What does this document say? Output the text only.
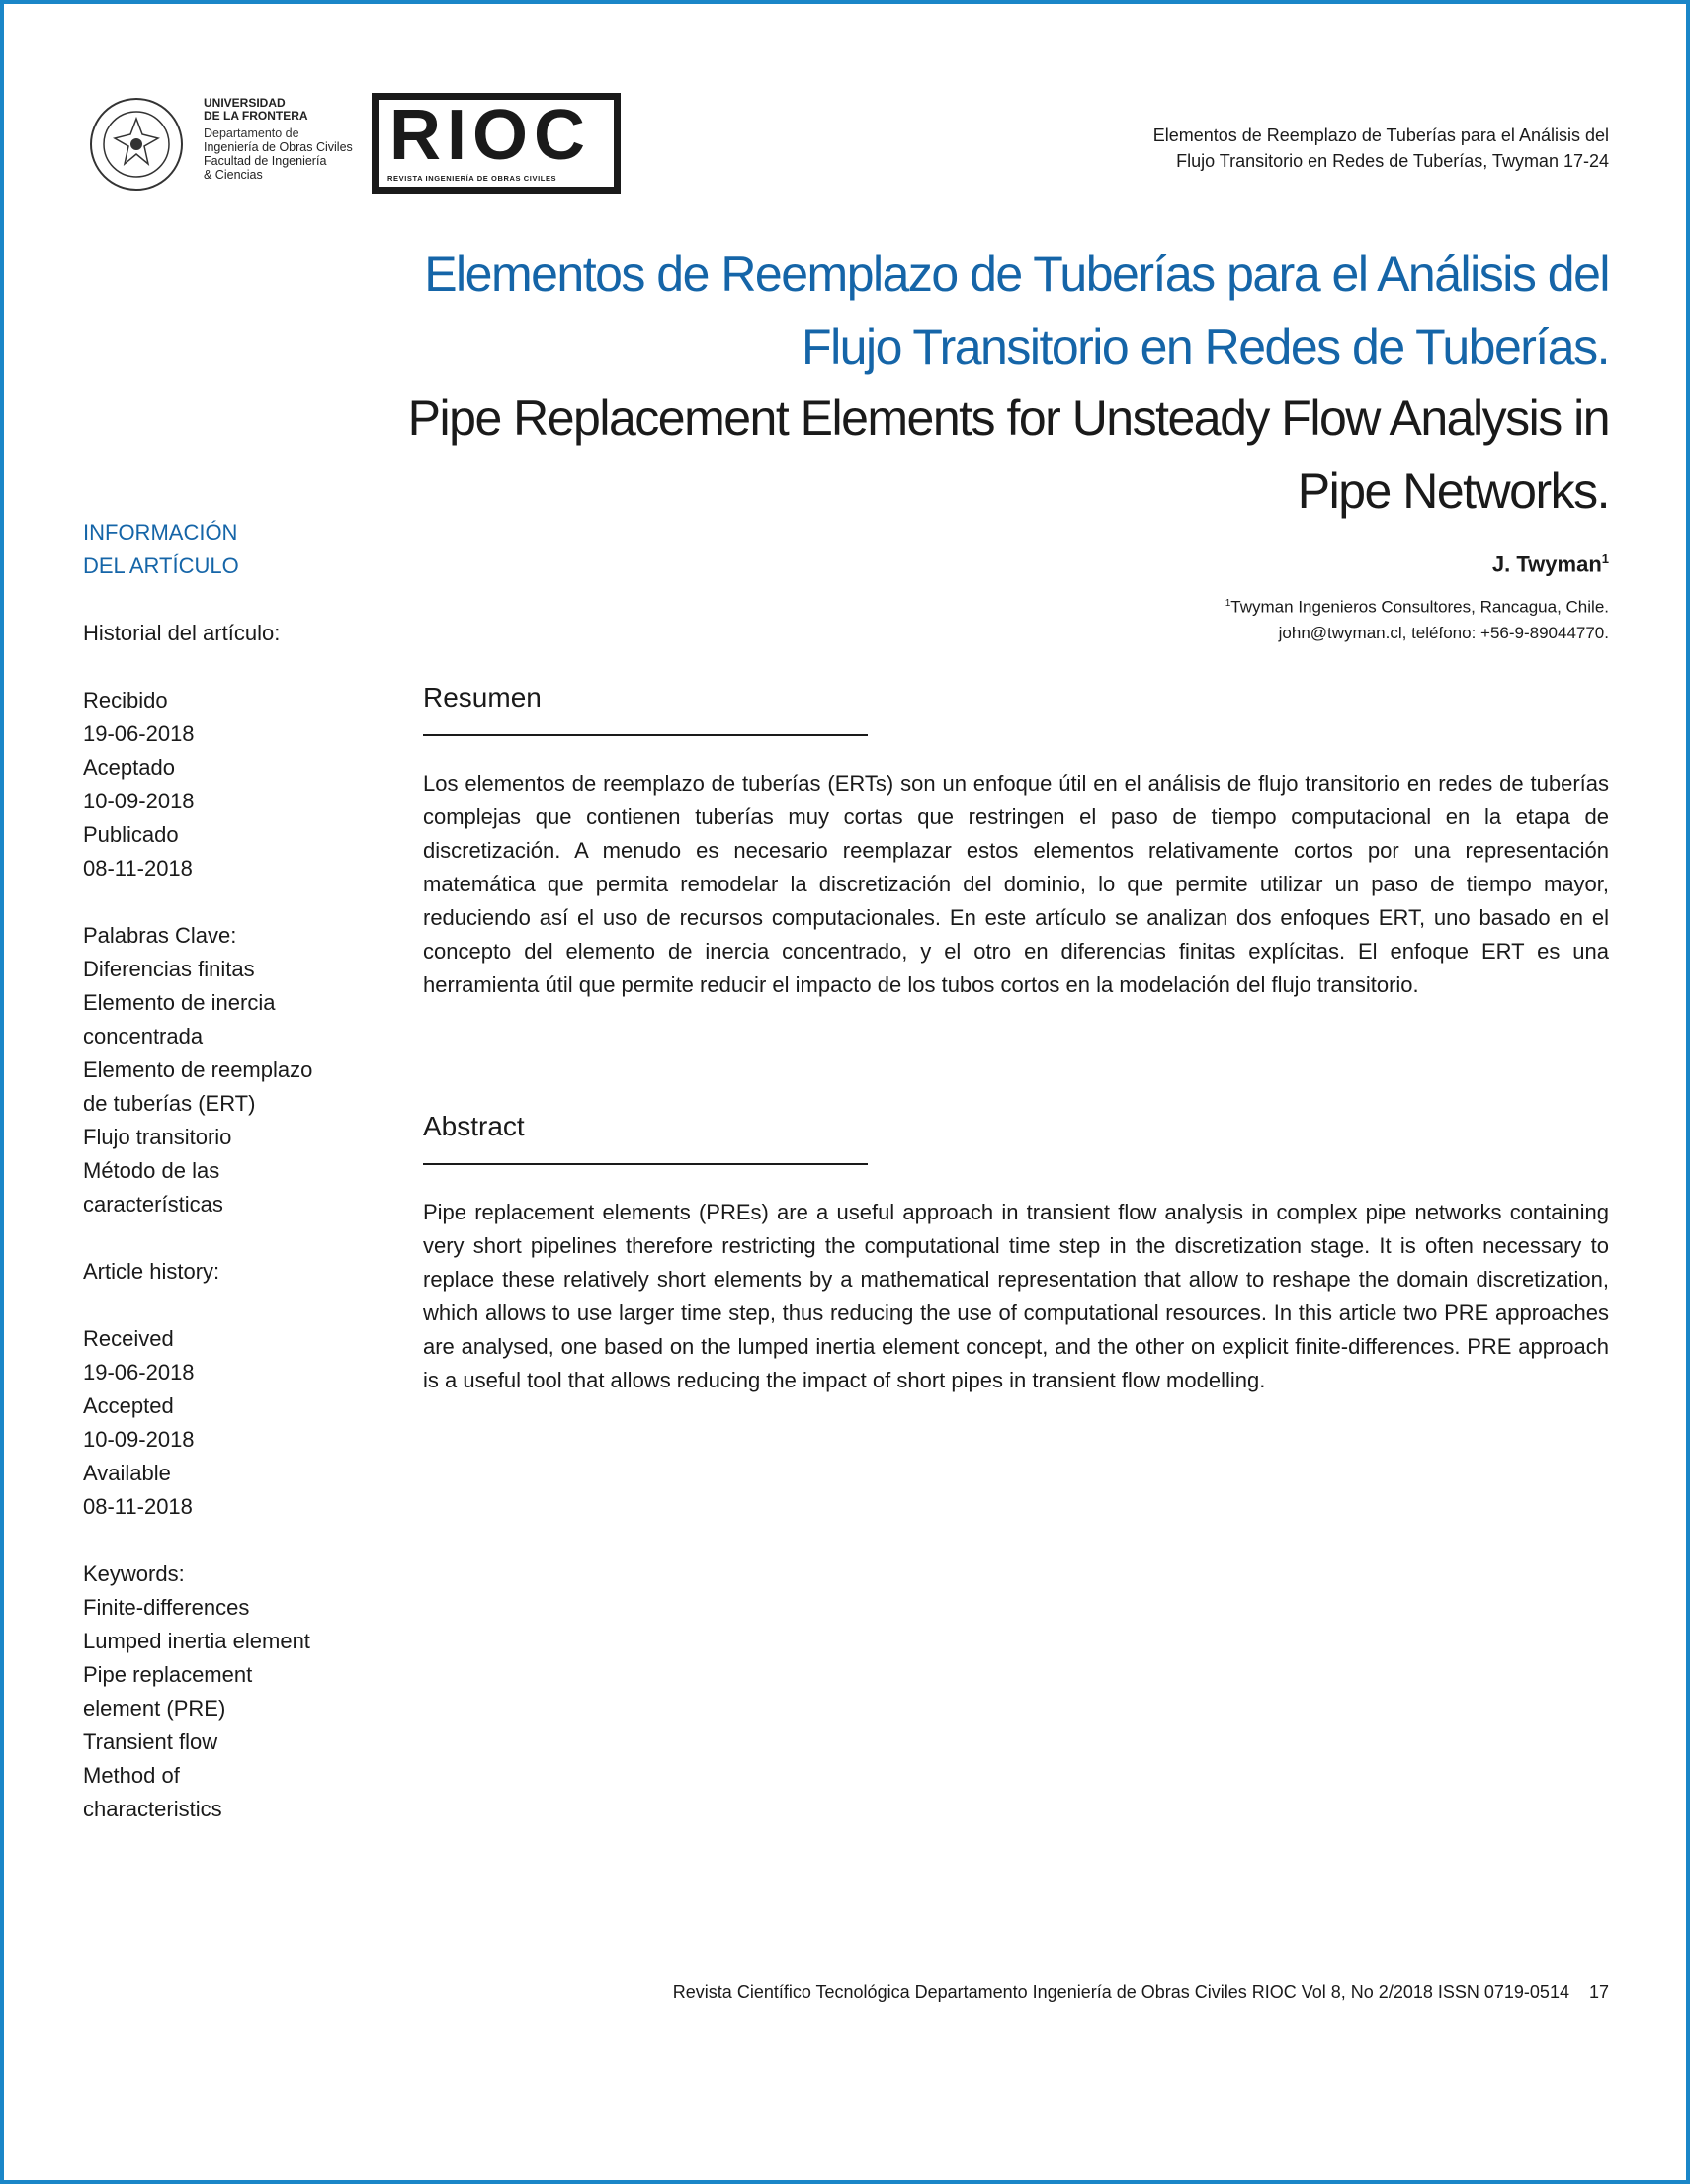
UNIVERSIDAD
DE LA FRONTERA
Departamento de
Ingeniería de Obras Civiles
Facultad de Ingeniería
& Ciencias	RIOC
REVISTA INGENIERÍA DE OBRAS CIVILES
Elementos de Reemplazo de Tuberías para el Análisis del
Flujo Transitorio en Redes de Tuberías, Twyman 17-24
Elementos de Reemplazo de Tuberías para el Análisis del
Flujo Transitorio en Redes de Tuberías.
Pipe Replacement Elements for Unsteady Flow Analysis in
Pipe Networks.
J. Twyman$^1$
$^1$Twyman Ingenieros Consultores, Rancagua, Chile.
john@twyman.cl, teléfono: +56-9-89044770.
INFORMACIÓN
DEL ARTÍCULO
Historial del artículo:
Recibido
19-06-2018
Aceptado
10-09-2018
Publicado
08-11-2018
Palabras Clave:
Diferencias finitas
Elemento de inercia
concentrada
Elemento de reemplazo
de tuberías (ERT)
Flujo transitorio
Método de las
características
Article history:
Received
19-06-2018
Accepted
10-09-2018
Available
08-11-2018
Keywords:
Finite-differences
Lumped inertia element
Pipe replacement
element (PRE)
Transient flow
Method of
characteristics
Resumen
Los elementos de reemplazo de tuberías (ERTs) son un enfoque útil en el análisis de flujo transitorio en redes de tuberías complejas que contienen tuberías muy cortas que restringen el paso de tiempo computacional en la etapa de discretización. A menudo es necesario reemplazar estos elementos relativamente cortos por una representación matemática que permita remodelar la discretización del dominio, lo que permite utilizar un paso de tiempo mayor, reduciendo así el uso de recursos computacionales. En este artículo se analizan dos enfoques ERT, uno basado en el concepto del elemento de inercia concentrado, y el otro en diferencias finitas explícitas. El enfoque ERT es una herramienta útil que permite reducir el impacto de los tubos cortos en la modelación del flujo transitorio.
Abstract
Pipe replacement elements (PREs) are a useful approach in transient flow analysis in complex pipe networks containing very short pipelines therefore restricting the computational time step in the discretization stage. It is often necessary to replace these relatively short elements by a mathematical representation that allow to reshape the domain discretization, which allows to use larger time step, thus reducing the use of computational resources. In this article two PRE approaches are analysed, one based on the lumped inertia element concept, and the other on explicit finite-differences. PRE approach is a useful tool that allows reducing the impact of short pipes in transient flow modelling.
Revista Científico Tecnológica Departamento Ingeniería de Obras Civiles RIOC Vol 8, No 2/2018 ISSN 0719-0514 17
